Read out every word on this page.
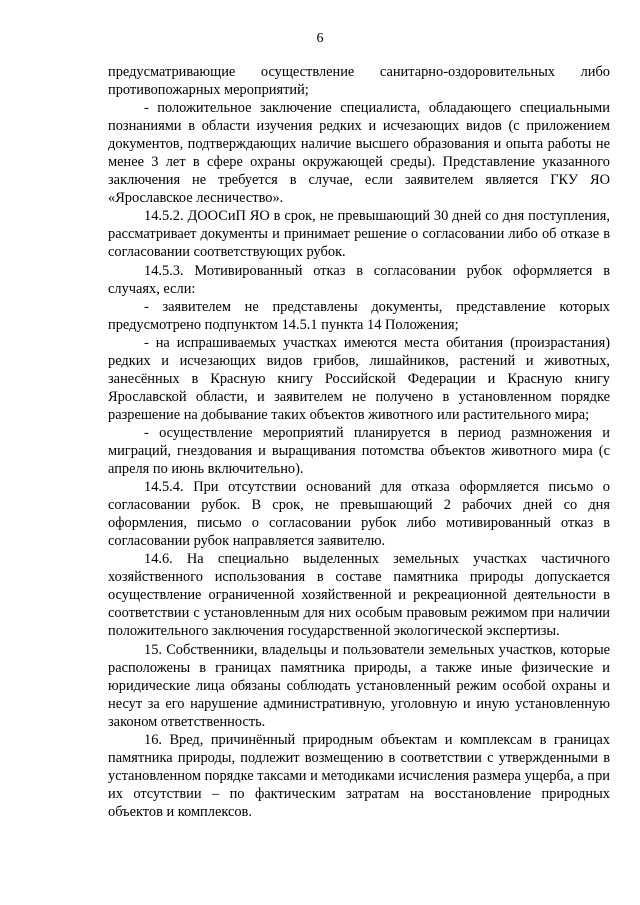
6

предусматривающие осуществление санитарно-оздоровительных либо противопожарных мероприятий;

- положительное заключение специалиста, обладающего специальными познаниями в области изучения редких и исчезающих видов (с приложением документов, подтверждающих наличие высшего образования и опыта работы не менее 3 лет в сфере охраны окружающей среды). Представление указанного заключения не требуется в случае, если заявителем является ГКУ ЯО «Ярославское лесничество».

14.5.2. ДООСиП ЯО в срок, не превышающий 30 дней со дня поступления, рассматривает документы и принимает решение о согласовании либо об отказе в согласовании соответствующих рубок.

14.5.3. Мотивированный отказ в согласовании рубок оформляется в случаях, если:

- заявителем не представлены документы, представление которых предусмотрено подпунктом 14.5.1 пункта 14 Положения;

- на испрашиваемых участках имеются места обитания (произрастания) редких и исчезающих видов грибов, лишайников, растений и животных, занесённых в Красную книгу Российской Федерации и Красную книгу Ярославской области, и заявителем не получено в установленном порядке разрешение на добывание таких объектов животного или растительного мира;

- осуществление мероприятий планируется в период размножения и миграций, гнездования и выращивания потомства объектов животного мира (с апреля по июнь включительно).

14.5.4. При отсутствии оснований для отказа оформляется письмо о согласовании рубок. В срок, не превышающий 2 рабочих дней со дня оформления, письмо о согласовании рубок либо мотивированный отказ в согласовании рубок направляется заявителю.

14.6. На специально выделенных земельных участках частичного хозяйственного использования в составе памятника природы допускается осуществление ограниченной хозяйственной и рекреационной деятельности в соответствии с установленным для них особым правовым режимом при наличии положительного заключения государственной экологической экспертизы.

15. Собственники, владельцы и пользователи земельных участков, которые расположены в границах памятника природы, а также иные физические и юридические лица обязаны соблюдать установленный режим особой охраны и несут за его нарушение административную, уголовную и иную установленную законом ответственность.

16. Вред, причинённый природным объектам и комплексам в границах памятника природы, подлежит возмещению в соответствии с утвержденными в установленном порядке таксами и методиками исчисления размера ущерба, а при их отсутствии – по фактическим затратам на восстановление природных объектов и комплексов.
